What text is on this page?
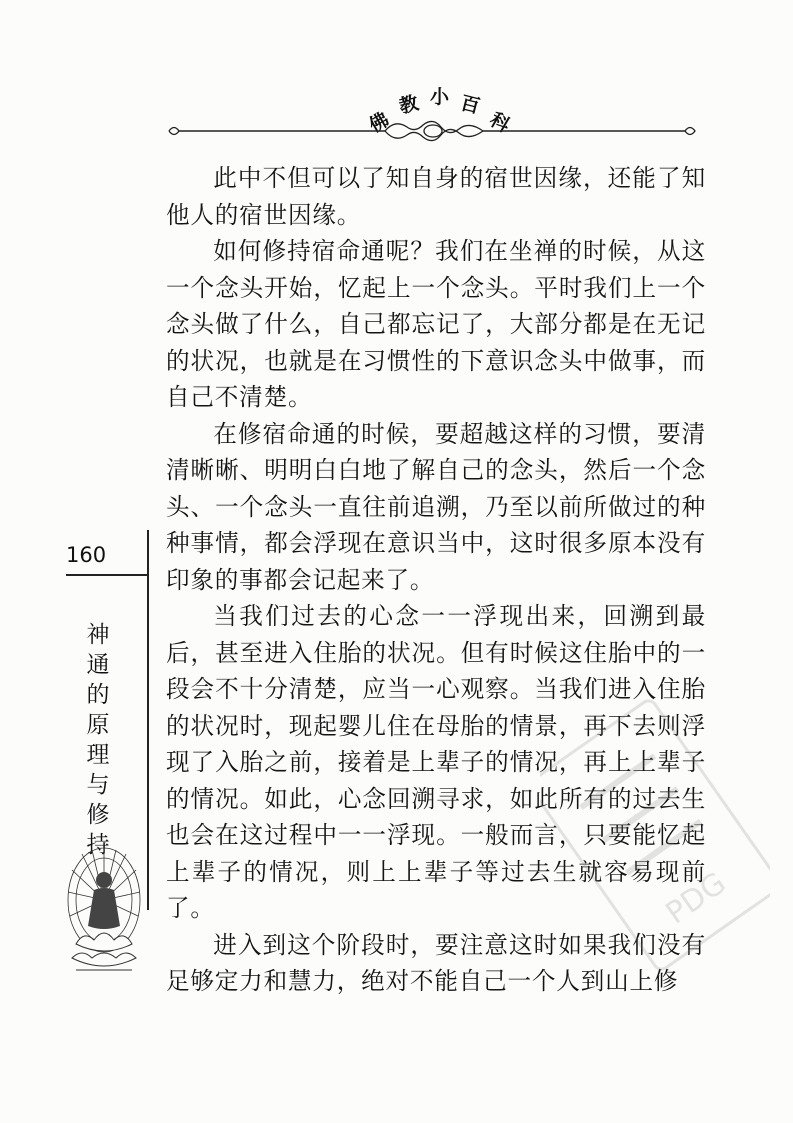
佛
教 小 百
科

此中不但可以了知自身的宿世因缘，还能了知他人的宿世因缘。

如何修持宿命通呢？我们在坐禅的时候，从这一个念头开始，忆起上一个念头。平时我们上一个念头做了什么，自己都忘记了，大部分都是在无记的状况，也就是在习惯性的下意识念头中做事，而自己不清楚。

在修宿命通的时候，要超越这样的习惯，要清清晰晰、明明白白地了解自己的念头，然后一个念头、一个念头一直往前追溯，乃至以前所做过的种种事情，都会浮现在意识当中，这时很多原本没有印象的事都会记起来了。

当我们过去的心念一一浮现出来，回溯到最后，甚至进入住胎的状况。但有时候这住胎中的一段会不十分清楚，应当一心观察。当我们进入住胎的状况时，现起婴儿住在母胎的情景，再下去则浮现了入胎之前，接着是上辈子的情况，再上上辈子的情况。如此，心念回溯寻求，如此所有的过去生也会在这过程中一一浮现。一般而言，只要能忆起上辈子的情况，则上上辈子等过去生就容易现前了。

进入到这个阶段时，要注意这时如果我们没有足够定力和慧力，绝对不能自己一个人到山上修

160
神通的原理与修持
PDG
